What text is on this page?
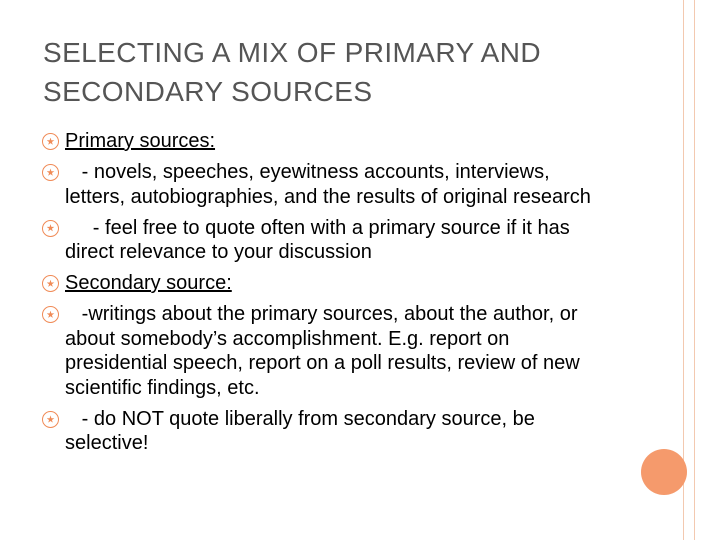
SELECTING A MIX OF PRIMARY AND SECONDARY SOURCES
Primary sources:
- novels, speeches, eyewitness accounts, interviews, letters, autobiographies, and the results of original research
- feel free to quote often with a primary source if it has direct relevance to your discussion
Secondary source:
-writings about the primary sources, about the author, or about somebody’s accomplishment. E.g. report on presidential speech, report on a poll results, review of new scientific findings, etc.
- do NOT quote liberally from secondary source, be selective!
